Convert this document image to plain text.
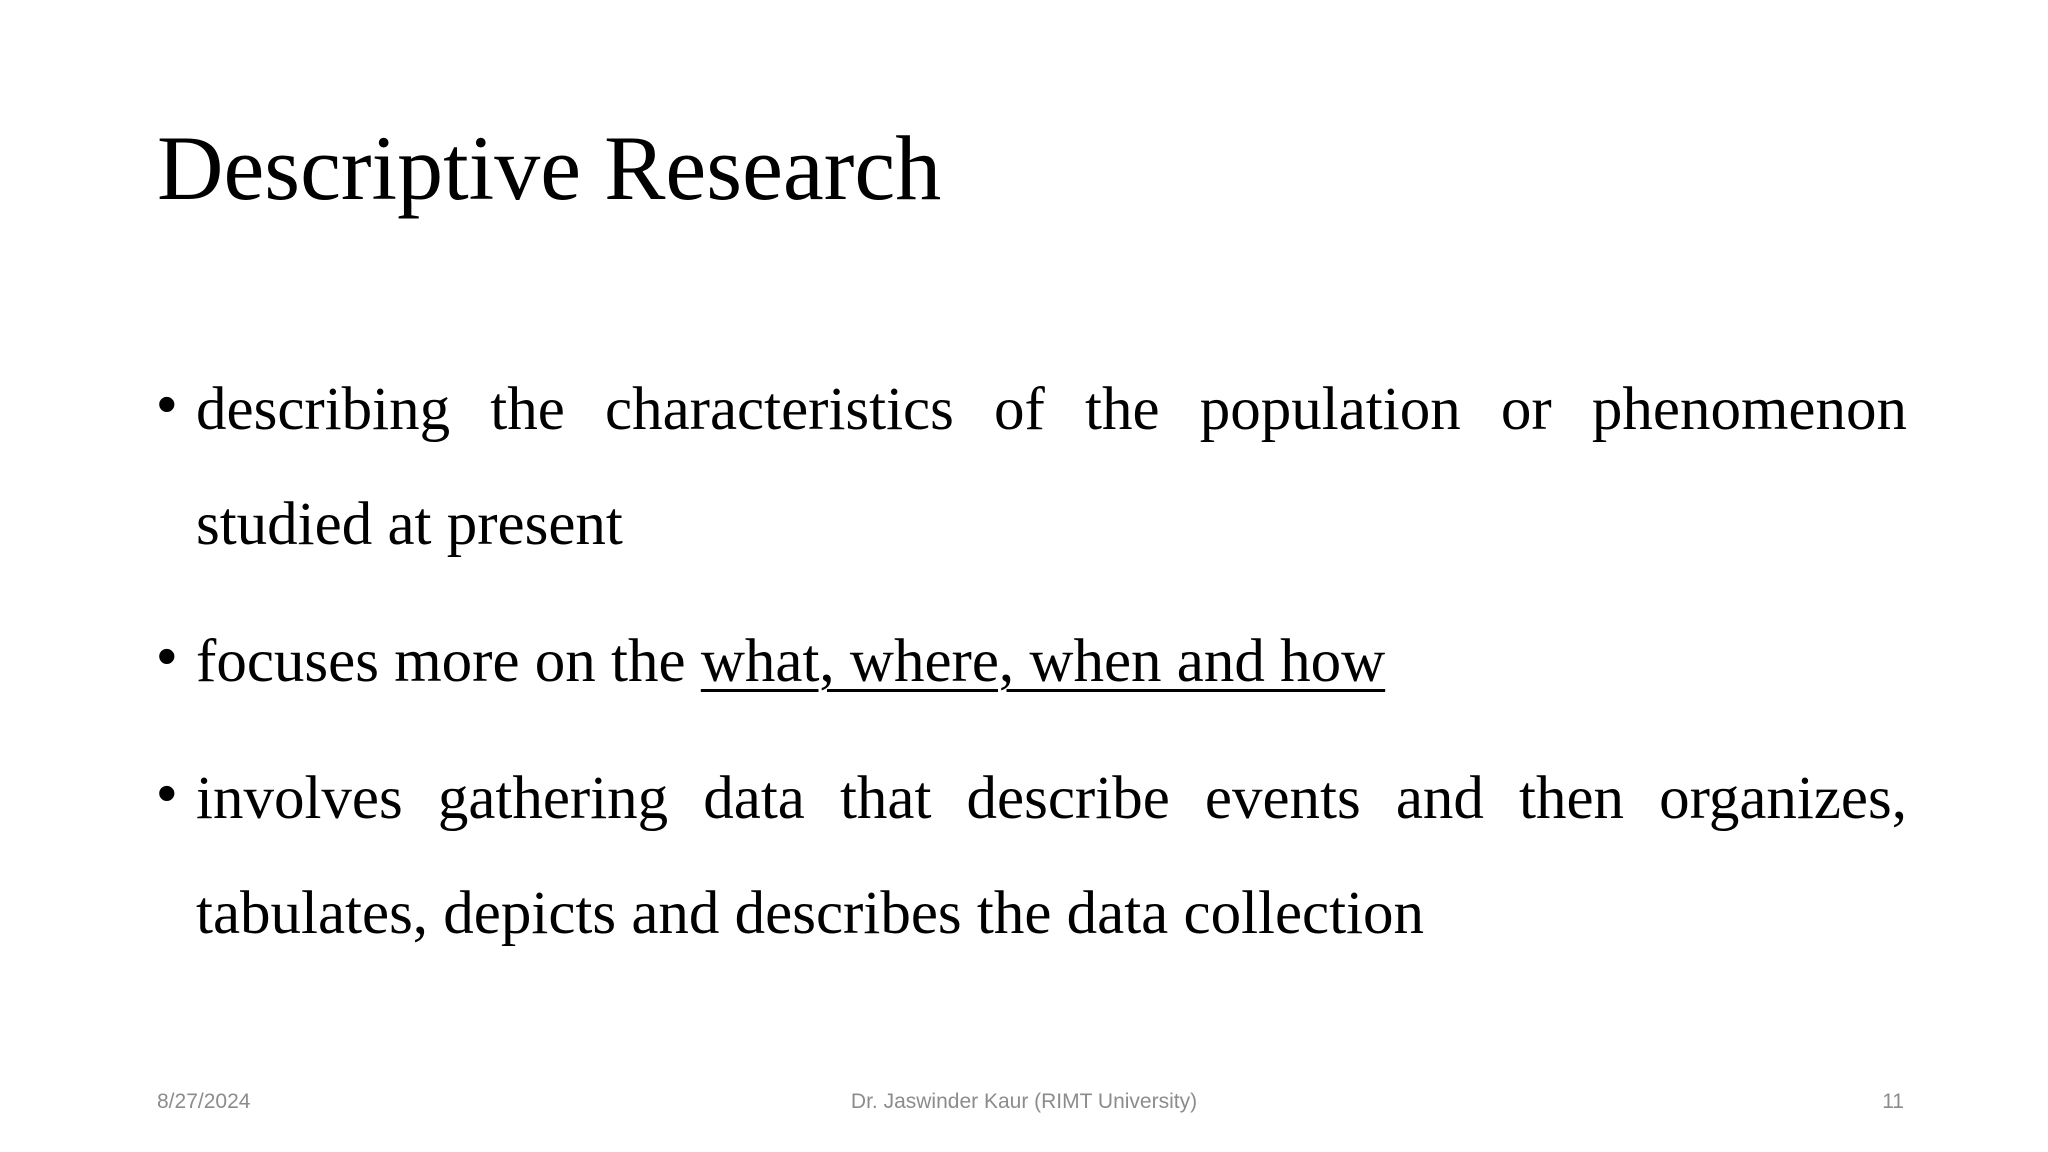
Descriptive Research
• describing the characteristics of the population or phenomenon studied at present
• focuses more on the what, where, when and how
• involves gathering data that describe events and then organizes, tabulates, depicts and describes the data collection
8/27/2024	Dr. Jaswinder Kaur (RIMT University)	11
